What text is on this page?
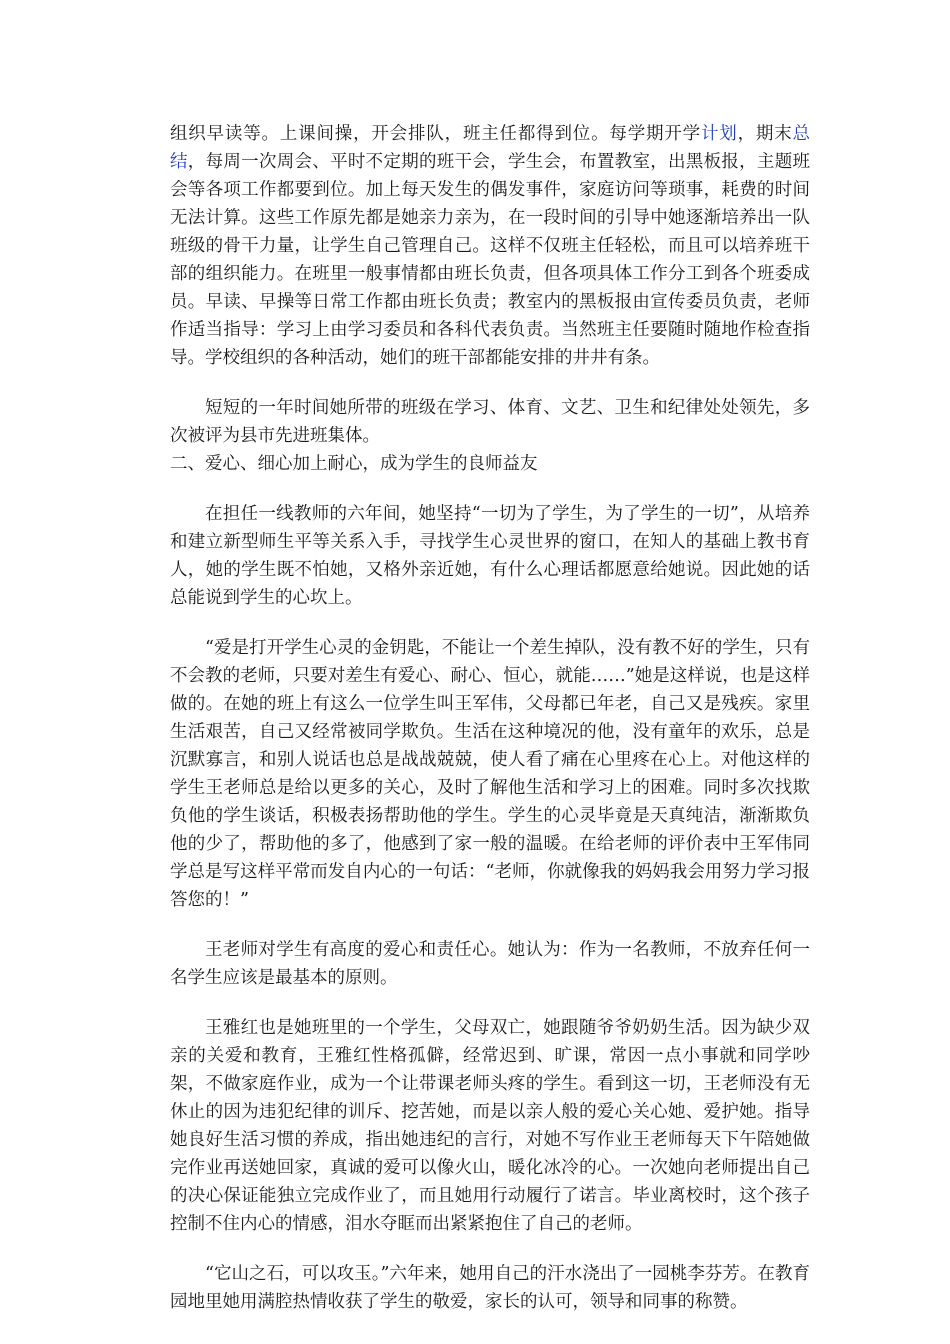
组织早读等。上课间操，开会排队，班主任都得到位。每学期开学计划，期末总结，每周一次周会、平时不定期的班干会，学生会，布置教室，出黑板报，主题班会等各项工作都要到位。加上每天发生的偶发事件，家庭访问等琐事，耗费的时间无法计算。这些工作原先都是她亲力亲为，在一段时间的引导中她逐渐培养出一队班级的骨干力量，让学生自己管理自己。这样不仅班主任轻松，而且可以培养班干部的组织能力。在班里一般事情都由班长负责，但各项具体工作分工到各个班委成员。早读、早操等日常工作都由班长负责；教室内的黑板报由宣传委员负责，老师作适当指导：学习上由学习委员和各科代表负责。当然班主任要随时随地作检查指导。学校组织的各种活动，她们的班干部都能安排的井井有条。

短短的一年时间她所带的班级在学习、体育、文艺、卫生和纪律处处领先，多次被评为县市先进班集体。

二、爱心、细心加上耐心，成为学生的良师益友

在担任一线教师的六年间，她坚持“一切为了学生，为了学生的一切”，从培养和建立新型师生平等关系入手，寻找学生心灵世界的窗口，在知人的基础上教书育人，她的学生既不怕她，又格外亲近她，有什么心理话都愿意给她说。因此她的话总能说到学生的心坎上。

“爱是打开学生心灵的金钥匙，不能让一个差生掉队，没有教不好的学生，只有不会教的老师，只要对差生有爱心、耐心、恒心，就能……”她是这样说，也是这样做的。在她的班上有这么一位学生叫王军伟，父母都已年老，自己又是残疾。家里生活艰苦，自己又经常被同学欺负。生活在这种境况的他，没有童年的欢乐，总是沉默寡言，和别人说话也总是战战兢兢，使人看了痛在心里疼在心上。对他这样的学生王老师总是给以更多的关心，及时了解他生活和学习上的困难。同时多次找欺负他的学生谈话，积极表扬帮助他的学生。学生的心灵毕竟是天真纯洁，渐渐欺负他的少了，帮助他的多了，他感到了家一般的温暖。在给老师的评价表中王军伟同学总是写这样平常而发自内心的一句话：“老师，你就像我的妈妈我会用努力学习报答您的！”

王老师对学生有高度的爱心和责任心。她认为：作为一名教师，不放弃任何一名学生应该是最基本的原则。

王雅红也是她班里的一个学生，父母双亡，她跟随爷爷奶奶生活。因为缺少双亲的关爱和教育，王雅红性格孤僻，经常迟到、旷课，常因一点小事就和同学吵架，不做家庭作业，成为一个让带课老师头疼的学生。看到这一切，王老师没有无休止的因为违犯纪律的训斥、挖苦她，而是以亲人般的爱心关心她、爱护她。指导她良好生活习惯的养成，指出她违纪的言行，对她不写作业王老师每天下午陪她做完作业再送她回家，真诚的爱可以像火山，暖化冰冷的心。一次她向老师提出自己的决心保证能独立完成作业了，而且她用行动履行了诺言。毕业离校时，这个孩子控制不住内心的情感，泪水夺眶而出紧紧抱住了自己的老师。

“它山之石，可以攻玉。”六年来，她用自己的汗水浇出了一园桃李芬芳。在教育园地里她用满腔热情收获了学生的敬爱，家长的认可，领导和同事的称赞。
